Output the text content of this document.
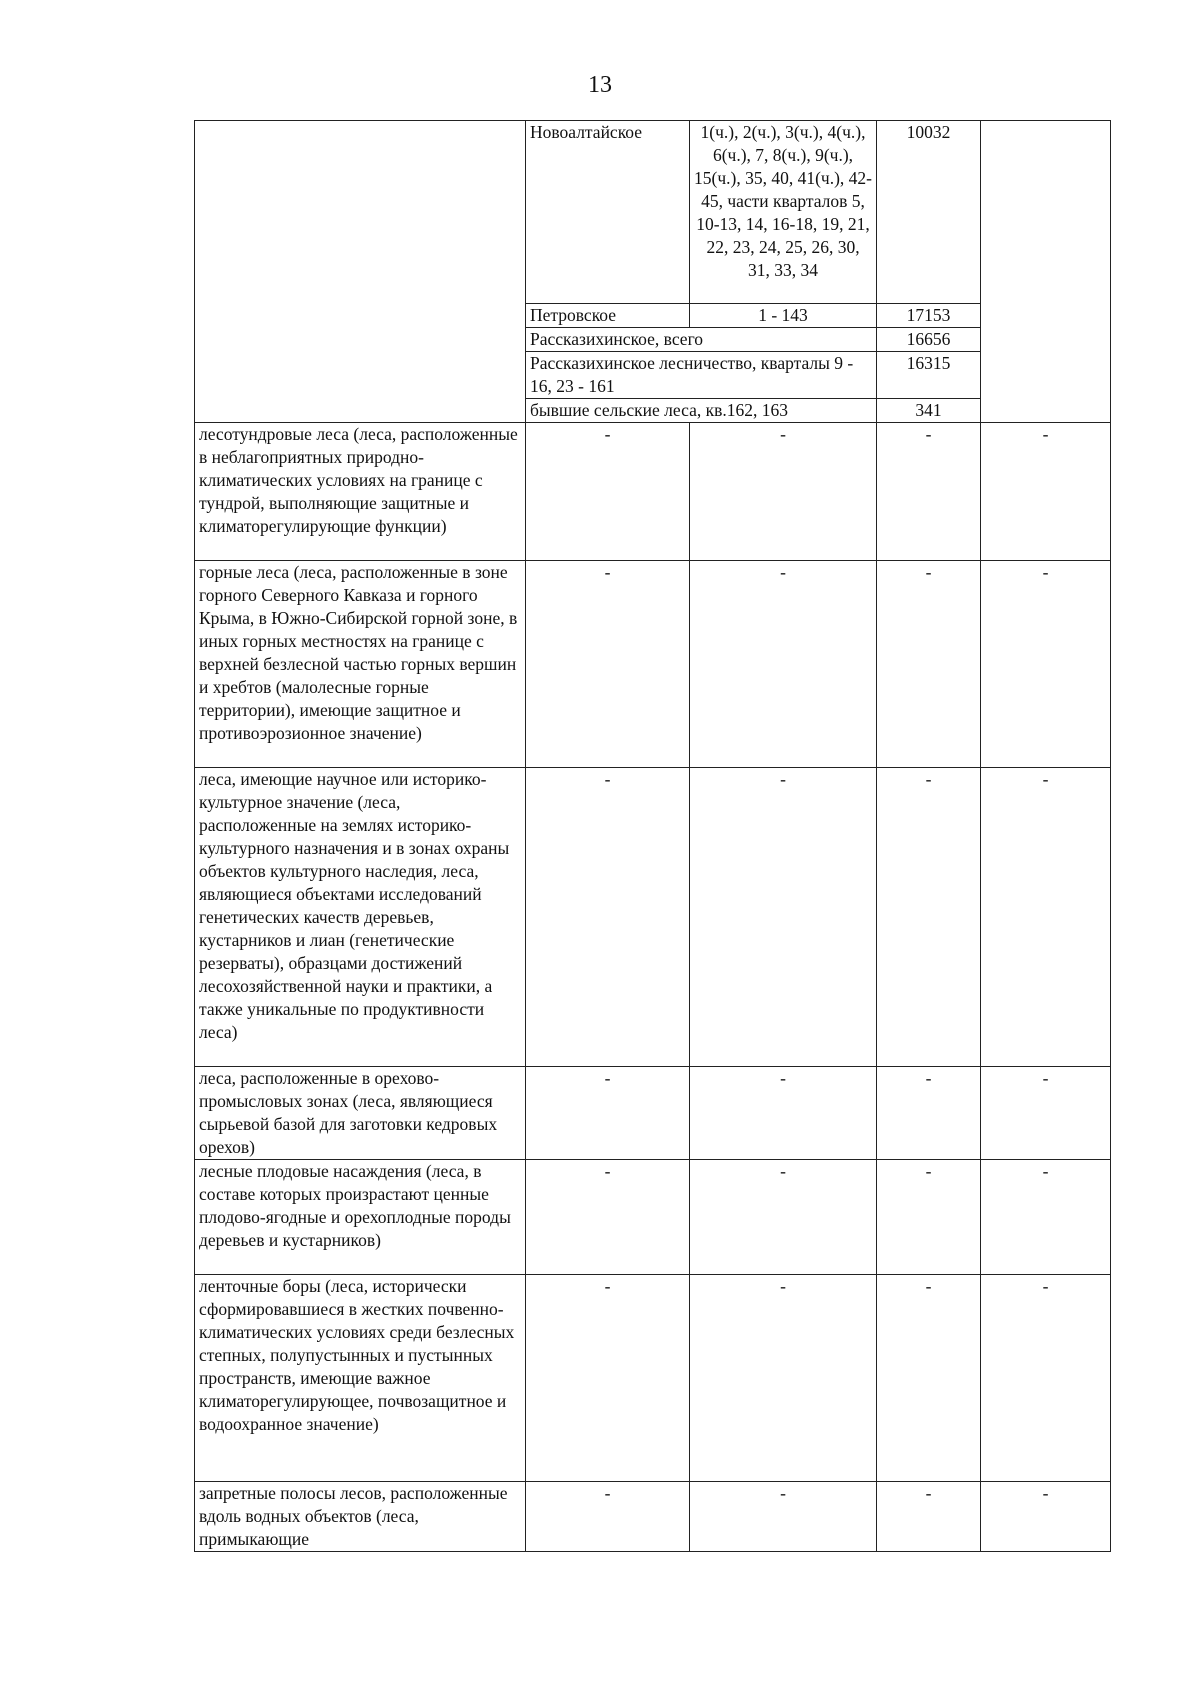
13
	Новоалтайское	1(ч.), 2(ч.), 3(ч.), 4(ч.), 6(ч.), 7, 8(ч.), 9(ч.), 15(ч.), 35, 40, 41(ч.), 42-45, части кварталов 5, 10-13, 14, 16-18, 19, 21, 22, 23, 24, 25, 26, 30, 31, 33, 34	10032	
	Петровское	1 - 143	17153	
	Рассказихинское, всего		16656	
	Рассказихинское лесничество, кварталы 9 - 16, 23 - 161		16315	
	бывшие сельские леса, кв.162, 163		341	
лесотундровые леса (леса, расположенные в неблагоприятных природно-климатических условиях на границе с тундрой, выполняющие защитные и климаторегулирующие функции)	-	-	-	-
горные леса (леса, расположенные в зоне горного Северного Кавказа и горного Крыма, в Южно-Сибирской горной зоне, в иных горных местностях на границе с верхней безлесной частью горных вершин и хребтов (малолесные горные территории), имеющие защитное и противоэрозионное значение)	-	-	-	-
леса, имеющие научное или историко-культурное значение (леса, расположенные на землях историко-культурного назначения и в зонах охраны объектов культурного наследия, леса, являющиеся объектами исследований генетических качеств деревьев, кустарников и лиан (генетические резерваты), образцами достижений лесохозяйственной науки и практики, а также уникальные по продуктивности леса)	-	-	-	-
леса, расположенные в орехово-промысловых зонах (леса, являющиеся сырьевой базой для заготовки кедровых орехов)	-	-	-	-
лесные плодовые насаждения (леса, в составе которых произрастают ценные плодово-ягодные и орехоплодные породы деревьев и кустарников)	-	-	-	-
ленточные боры (леса, исторически сформировавшиеся в жестких почвенно-климатических условиях среди безлесных степных, полупустынных и пустынных пространств, имеющие важное климаторегулирующее, почвозащитное и водоохранное значение)	-	-	-	-
запретные полосы лесов, расположенные вдоль водных объектов (леса, примыкающие	-	-	-	-
